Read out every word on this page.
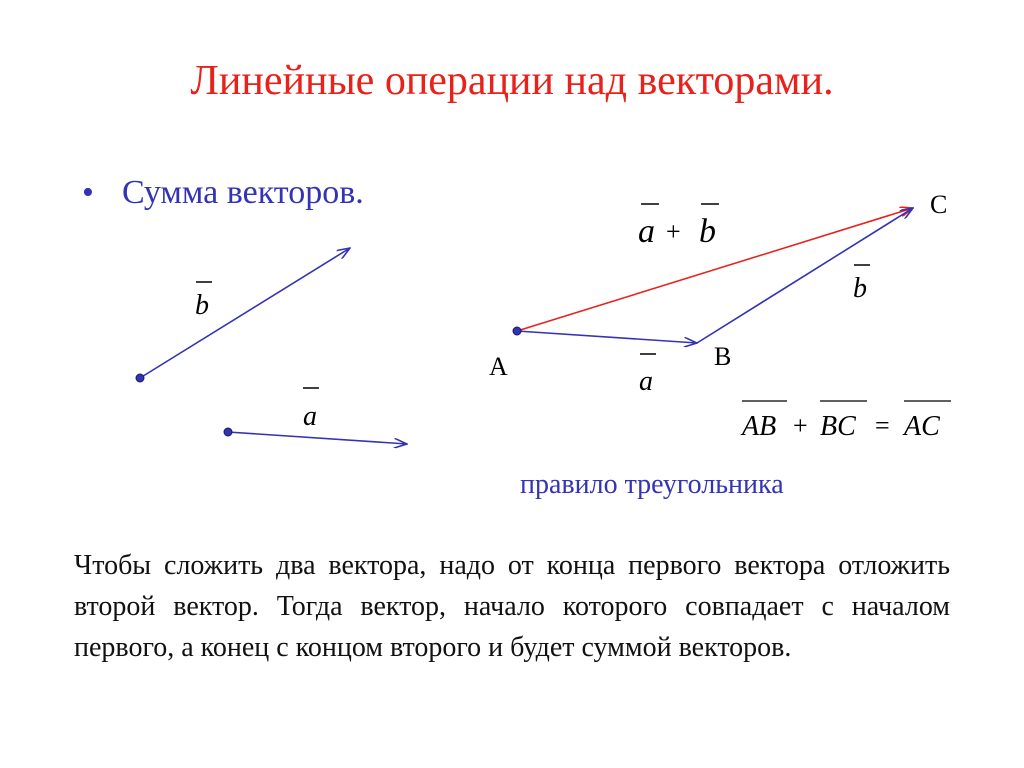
Линейные операции над векторами.
• Сумма векторов.
b
a
A	B
C
a
b
a + b
AB + BC = AC
правило треугольника
Чтобы сложить два вектора, надо от конца первого вектора отложить второй вектор. Тогда вектор, начало которого совпадает с началом первого, а конец с концом второго и будет суммой векторов.
